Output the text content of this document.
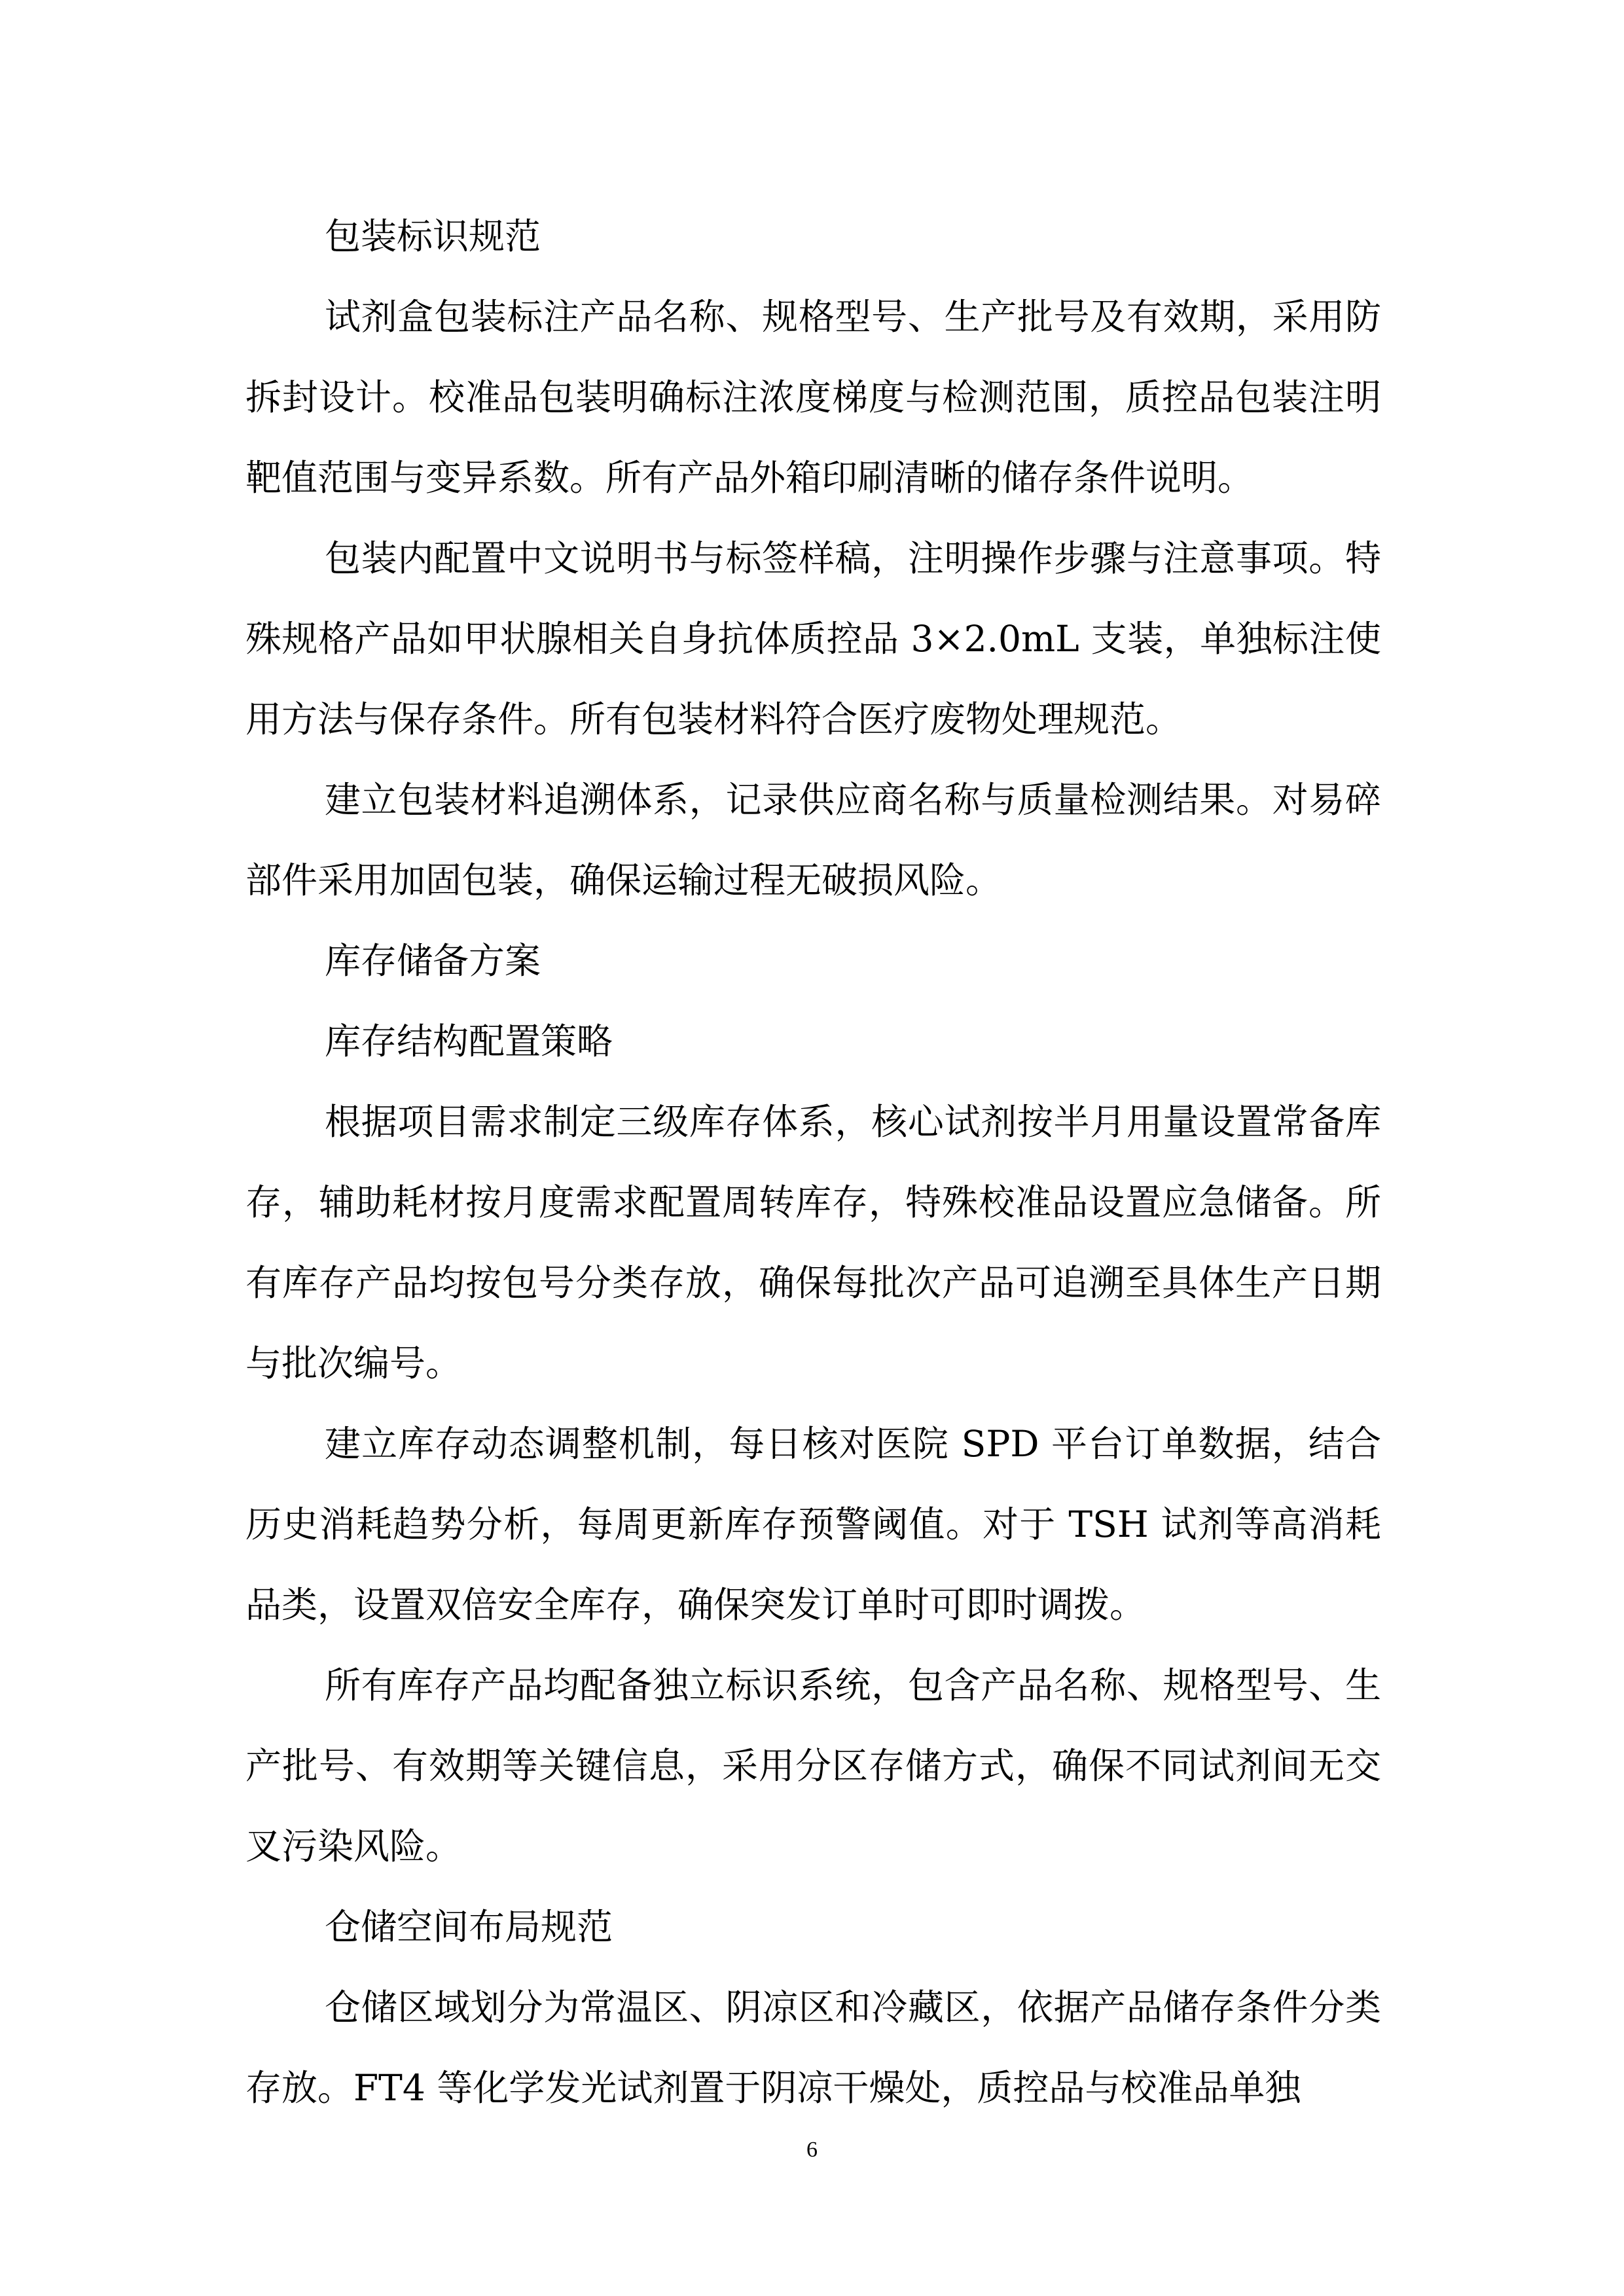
包装标识规范

试剂盒包装标注产品名称、规格型号、生产批号及有效期，采用防拆封设计。校准品包装明确标注浓度梯度与检测范围，质控品包装注明靶值范围与变异系数。所有产品外箱印刷清晰的储存条件说明。

包装内配置中文说明书与标签样稿，注明操作步骤与注意事项。特殊规格产品如甲状腺相关自身抗体质控品 3×2.0mL 支装，单独标注使用方法与保存条件。所有包装材料符合医疗废物处理规范。

建立包装材料追溯体系，记录供应商名称与质量检测结果。对易碎部件采用加固包装，确保运输过程无破损风险。

库存储备方案

库存结构配置策略

根据项目需求制定三级库存体系，核心试剂按半月用量设置常备库存，辅助耗材按月度需求配置周转库存，特殊校准品设置应急储备。所有库存产品均按包号分类存放，确保每批次产品可追溯至具体生产日期与批次编号。

建立库存动态调整机制，每日核对医院 SPD 平台订单数据，结合历史消耗趋势分析，每周更新库存预警阈值。对于 TSH 试剂等高消耗品类，设置双倍安全库存，确保突发订单时可即时调拨。

所有库存产品均配备独立标识系统，包含产品名称、规格型号、生产批号、有效期等关键信息，采用分区存储方式，确保不同试剂间无交叉污染风险。

仓储空间布局规范

仓储区域划分为常温区、阴凉区和冷藏区，依据产品储存条件分类存放。FT4 等化学发光试剂置于阴凉干燥处，质控品与校准品单独

6
